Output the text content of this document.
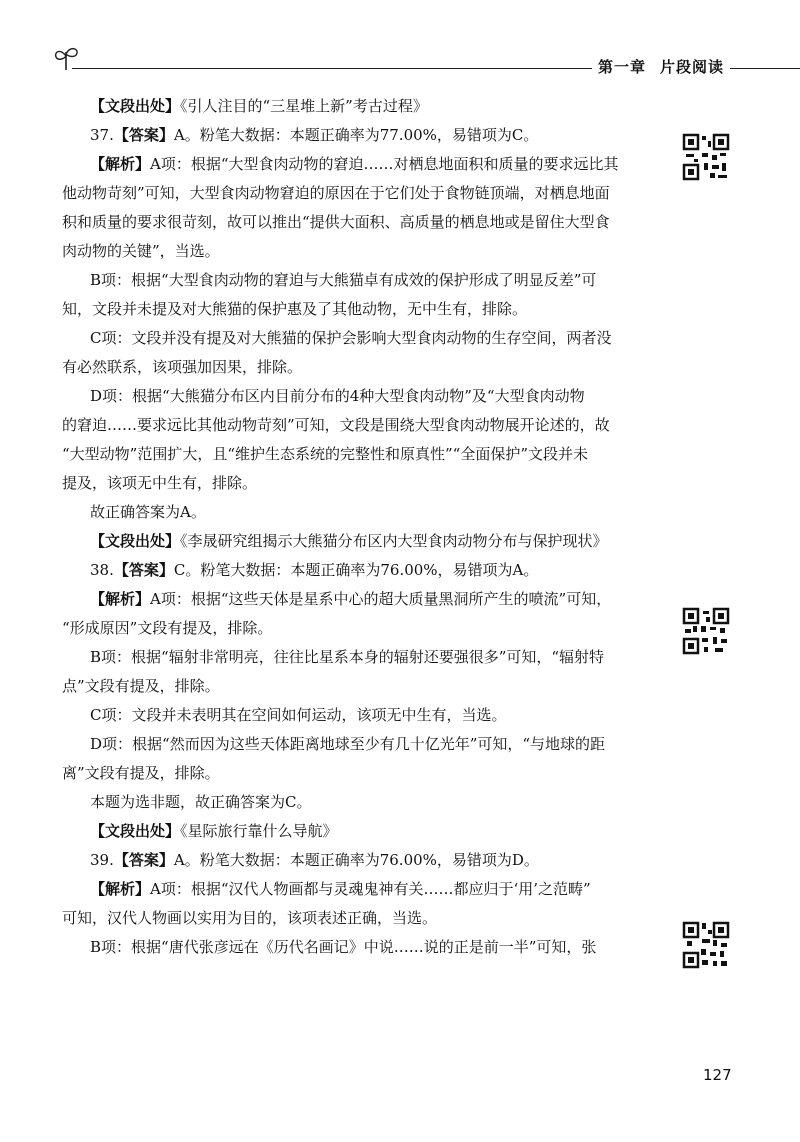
第一章 片段阅读
【文段出处】《引人注目的“三星堆上新”考古过程》
37.【答案】A。粉笔大数据：本题正确率为77.00%，易错项为C。
【解析】A项：根据“大型食肉动物的窘迫……对栖息地面积和质量的要求远比其
他动物苛刻”可知，大型食肉动物窘迫的原因在于它们处于食物链顶端，对栖息地面
积和质量的要求很苛刻，故可以推出“提供大面积、高质量的栖息地或是留住大型食
肉动物的关键”，当选。
B项：根据“大型食肉动物的窘迫与大熊猫卓有成效的保护形成了明显反差”可
知，文段并未提及对大熊猫的保护惠及了其他动物，无中生有，排除。
C项：文段并没有提及对大熊猫的保护会影响大型食肉动物的生存空间，两者没
有必然联系，该项强加因果，排除。
D项：根据“大熊猫分布区内目前分布的4种大型食肉动物”及“大型食肉动物
的窘迫……要求远比其他动物苛刻”可知，文段是围绕大型食肉动物展开论述的，故
“大型动物”范围扩大，且“维护生态系统的完整性和原真性”“全面保护”文段并未
提及，该项无中生有，排除。
故正确答案为A。
【文段出处】《李晟研究组揭示大熊猫分布区内大型食肉动物分布与保护现状》
38.【答案】C。粉笔大数据：本题正确率为76.00%，易错项为A。
【解析】A项：根据“这些天体是星系中心的超大质量黑洞所产生的喷流”可知，
“形成原因”文段有提及，排除。
B项：根据“辐射非常明亮，往往比星系本身的辐射还要强很多”可知，“辐射特
点”文段有提及，排除。
C项：文段并未表明其在空间如何运动，该项无中生有，当选。
D项：根据“然而因为这些天体距离地球至少有几十亿光年”可知，“与地球的距
离”文段有提及，排除。
本题为选非题，故正确答案为C。
【文段出处】《星际旅行靠什么导航》
39.【答案】A。粉笔大数据：本题正确率为76.00%，易错项为D。
【解析】A项：根据“汉代人物画都与灵魂鬼神有关……都应归于‘用’之范畴”
可知，汉代人物画以实用为目的，该项表述正确，当选。
B项：根据“唐代张彦远在《历代名画记》中说……说的正是前一半”可知，张
127
